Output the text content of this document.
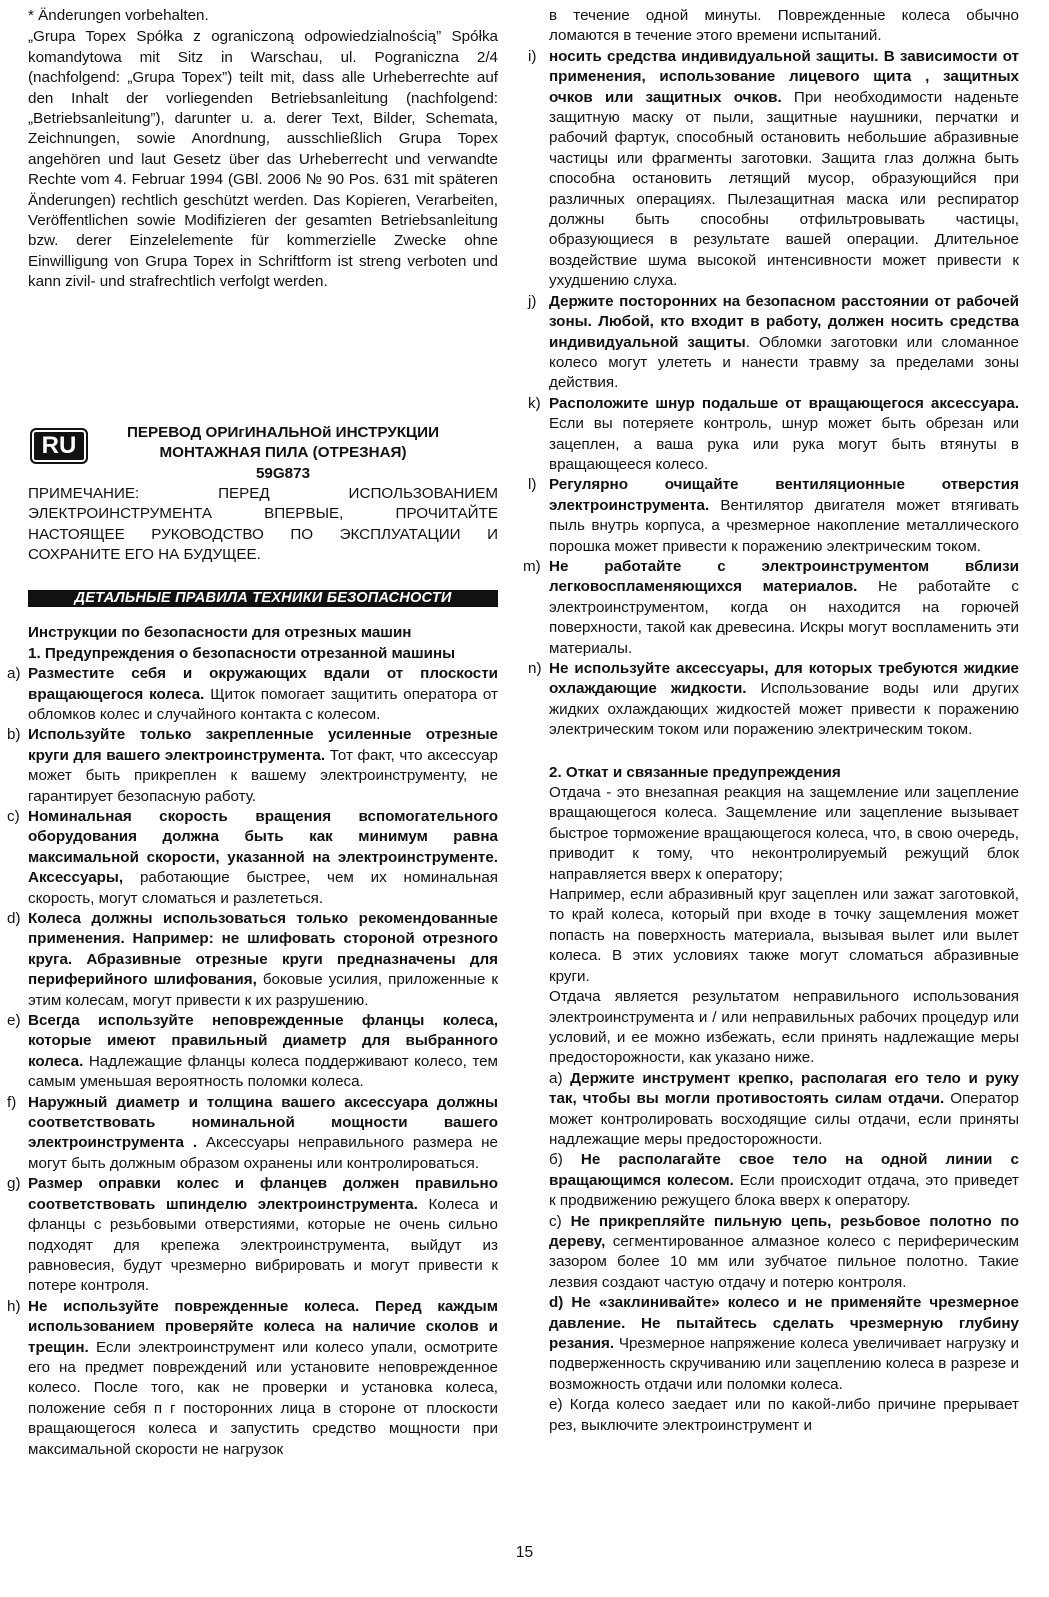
* Änderungen vorbehalten.

„Grupa Topex Spółka z ograniczoną odpowiedzialnością” Spółka komandytowa mit Sitz in Warschau, ul. Pograniczna 2/4 (nachfolgend: „Grupa Topex”) teilt mit, dass alle Urheberrechte auf den Inhalt der vorliegenden Betriebsanleitung (nachfolgend: „Betriebsanleitung”), darunter u. a. derer Text, Bilder, Schemata, Zeichnungen, sowie Anordnung, ausschließlich Grupa Topex angehören und laut Gesetz über das Urheberrecht und verwandte Rechte vom 4. Februar 1994 (GBl. 2006 № 90 Pos. 631 mit späteren Änderungen) rechtlich geschützt werden. Das Kopieren, Verarbeiten, Veröffentlichen sowie Modifizieren der gesamten Betriebsanleitung bzw. derer Einzelelemente für kommerzielle Zwecke ohne Einwilligung von Grupa Topex in Schriftform ist streng verboten und kann zivil- und strafrechtlich verfolgt werden.

RU	ПЕРЕВОД ОРИгИНАЛЬНОй ИНСТРУКЦИИ
МОНТАЖНАЯ ПИЛА (ОТРЕЗНАЯ)
59G873

ПРИМЕЧАНИЕ: ПЕРЕД ИСПОЛЬЗОВАНИЕМ ЭЛЕКТРОИНСТРУМЕНТА ВПЕРВЫЕ, ПРОЧИТАЙТЕ НАСТОЯЩЕЕ РУКОВОДСТВО ПО ЭКСПЛУАТАЦИИ И СОХРАНИТЕ ЕГО НА БУДУЩЕЕ.

ДЕТАЛЬНЫЕ ПРАВИЛА ТЕХНИКИ БЕЗОПАСНОСТИ

Инструкции по безопасности для отрезных машин

1. Предупреждения о безопасности отрезанной машины

a) Разместите себя и окружающих вдали от плоскости вращающегося колеса. Щиток помогает защитить оператора от обломков колес и случайного контакта с колесом.
b) Используйте только закрепленные усиленные отрезные круги для вашего электроинструмента. Тот факт, что аксессуар может быть прикреплен к вашему электроинструменту, не гарантирует безопасную работу.
c) Номинальная скорость вращения вспомогательного оборудования должна быть как минимум равна максимальной скорости, указанной на электроинструменте. Аксессуары, работающие быстрее, чем их номинальная скорость, могут сломаться и разлететься.
d) Колеса должны использоваться только рекомендованные применения. Например: не шлифовать стороной отрезного круга. Абразивные отрезные круги предназначены для периферийного шлифования, боковые усилия, приложенные к этим колесам, могут привести к их разрушению.
e) Всегда используйте неповрежденные фланцы колеса, которые имеют правильный диаметр для выбранного колеса. Надлежащие фланцы колеса поддерживают колесо, тем самым уменьшая вероятность поломки колеса.
f) Наружный диаметр и толщина вашего аксессуара должны соответствовать номинальной мощности вашего электроинструмента . Аксессуары неправильного размера не могут быть должным образом охранены или контролироваться.
g) Размер оправки колес и фланцев должен правильно соответствовать шпинделю электроинструмента. Колеса и фланцы с резьбовыми отверстиями, которые не очень сильно подходят для крепежа электроинструмента, выйдут из равновесия, будут чрезмерно вибрировать и могут привести к потере контроля.
h) Не используйте поврежденные колеса. Перед каждым использованием проверяйте колеса на наличие сколов и трещин. Если электроинструмент или колесо упали, осмотрите его на предмет повреждений или установите неповрежденное колесо. После того, как не проверки и установка колеса, положение себя п г посторонних лица в стороне от плоскости вращающегося колеса и запустить средство мощности при максимальной скорости не нагрузок

в течение одной минуты. Поврежденные колеса обычно ломаются в течение этого времени испытаний.

i) носить средства индивидуальной защиты. В зависимости от применения, использование лицевого щита , защитных очков или защитных очков. При необходимости наденьте защитную маску от пыли, защитные наушники, перчатки и рабочий фартук, способный остановить небольшие абразивные частицы или фрагменты заготовки. Защита глаз должна быть способна остановить летящий мусор, образующийся при различных операциях. Пылезащитная маска или респиратор должны быть способны отфильтровывать частицы, образующиеся в результате вашей операции. Длительное воздействие шума высокой интенсивности может привести к ухудшению слуха.
j) Держите посторонних на безопасном расстоянии от рабочей зоны. Любой, кто входит в работу, должен носить средства индивидуальной защиты. Обломки заготовки или сломанное колесо могут улететь и нанести травму за пределами зоны действия.
k) Расположите шнур подальше от вращающегося аксессуара. Если вы потеряете контроль, шнур может быть обрезан или зацеплен, а ваша рука или рука могут быть втянуты в вращающееся колесо.
l) Регулярно очищайте вентиляционные отверстия электроинструмента. Вентилятор двигателя может втягивать пыль внутрь корпуса, а чрезмерное накопление металлического порошка может привести к поражению электрическим током.
m) Не работайте с электроинструментом вблизи легковоспламеняющихся материалов. Не работайте с электроинструментом, когда он находится на горючей поверхности, такой как древесина. Искры могут воспламенить эти материалы.
n) Не используйте аксессуары, для которых требуются жидкие охлаждающие жидкости. Использование воды или других жидких охлаждающих жидкостей может привести к поражению электрическим током или поражению электрическим током.

2. Откат и связанные предупреждения

Отдача - это внезапная реакция на защемление или зацепление вращающегося колеса. Защемление или зацепление вызывает быстрое торможение вращающегося колеса, что, в свою очередь, приводит к тому, что неконтролируемый режущий блок направляется вверх к оператору;

Например, если абразивный круг зацеплен или зажат заготовкой, то край колеса, который при входе в точку защемления может попасть на поверхность материала, вызывая вылет или вылет колеса. В этих условиях также могут сломаться абразивные круги.

Отдача является результатом неправильного использования электроинструмента и / или неправильных рабочих процедур или условий, и ее можно избежать, если принять надлежащие меры предосторожности, как указано ниже.

а) Держите инструмент крепко, располагая его тело и руку так, чтобы вы могли противостоять силам отдачи. Оператор может контролировать восходящие силы отдачи, если приняты надлежащие меры предосторожности.

б) Не располагайте свое тело на одной линии с вращающимся колесом. Если происходит отдача, это приведет к продвижению режущего блока вверх к оператору.

c) Не прикрепляйте пильную цепь, резьбовое полотно по дереву, сегментированное алмазное колесо с периферическим зазором более 10 мм или зубчатое пильное полотно. Такие лезвия создают частую отдачу и потерю контроля.

d) Не «заклинивайте» колесо и не применяйте чрезмерное давление. Не пытайтесь сделать чрезмерную глубину резания. Чрезмерное напряжение колеса увеличивает нагрузку и подверженность скручиванию или зацеплению колеса в разрезе и возможность отдачи или поломки колеса.

е) Когда колесо заедает или по какой-либо причине прерывает рез, выключите электроинструмент и

15
